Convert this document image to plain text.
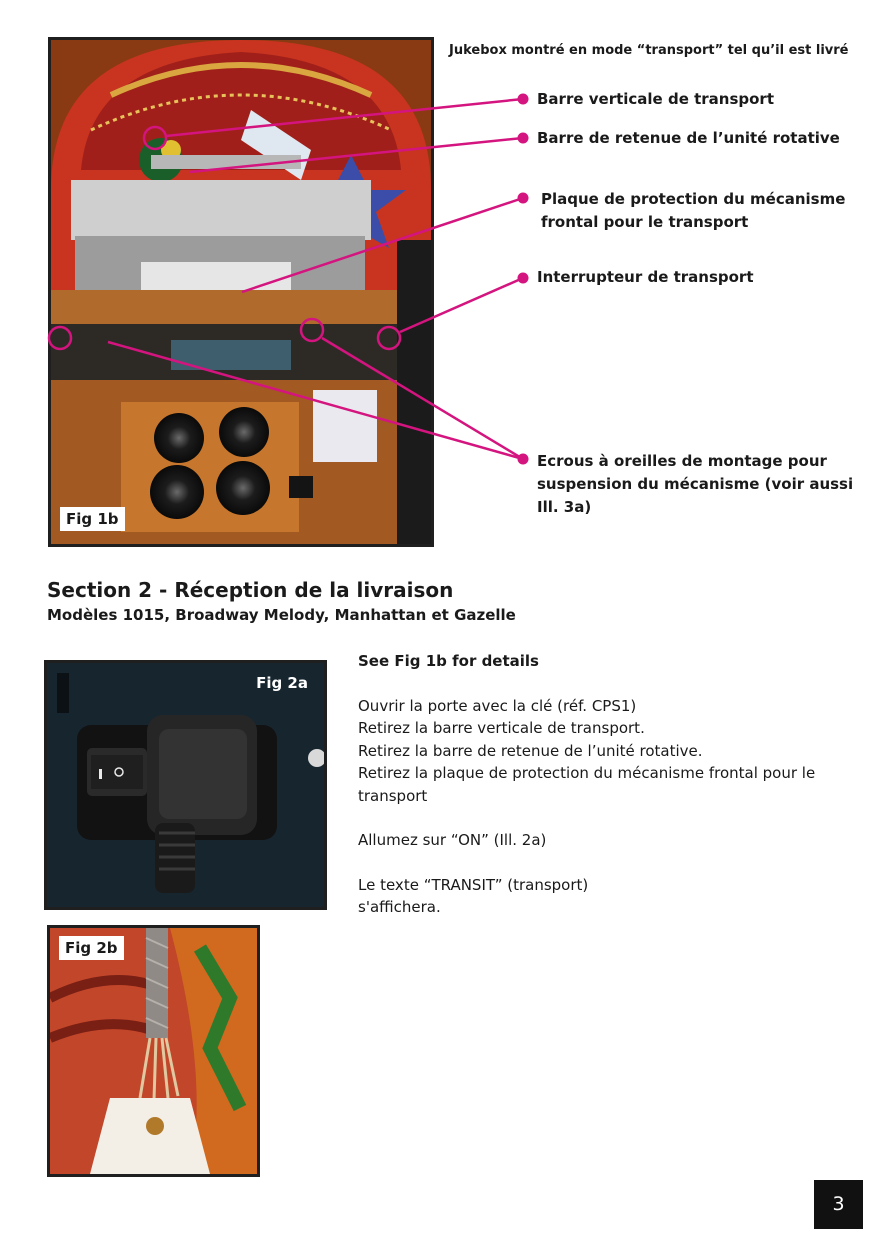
Fig 1b
Jukebox montré en mode “transport” tel qu’il est livré
Barre verticale de transport
Barre de retenue de l’unité rotative
Plaque de protection du mécanisme frontal pour le transport
Interrupteur de transport
Ecrous à oreilles de montage pour suspension du mécanisme (voir aussi Ill. 3a)
Section 2 - Réception de la livraison
Modèles 1015, Broadway Melody, Manhattan et Gazelle
Fig 2a
Fig 2b

See Fig 1b for details

Ouvrir la porte avec la clé (réf. CPS1)

Retirez la barre verticale de transport.

Retirez la barre de retenue de l’unité rotative.

Retirez la plaque de protection du mécanisme frontal pour le transport

Allumez sur “ON” (Ill. 2a)

Le texte “TRANSIT” (transport)

s'affichera.

3
